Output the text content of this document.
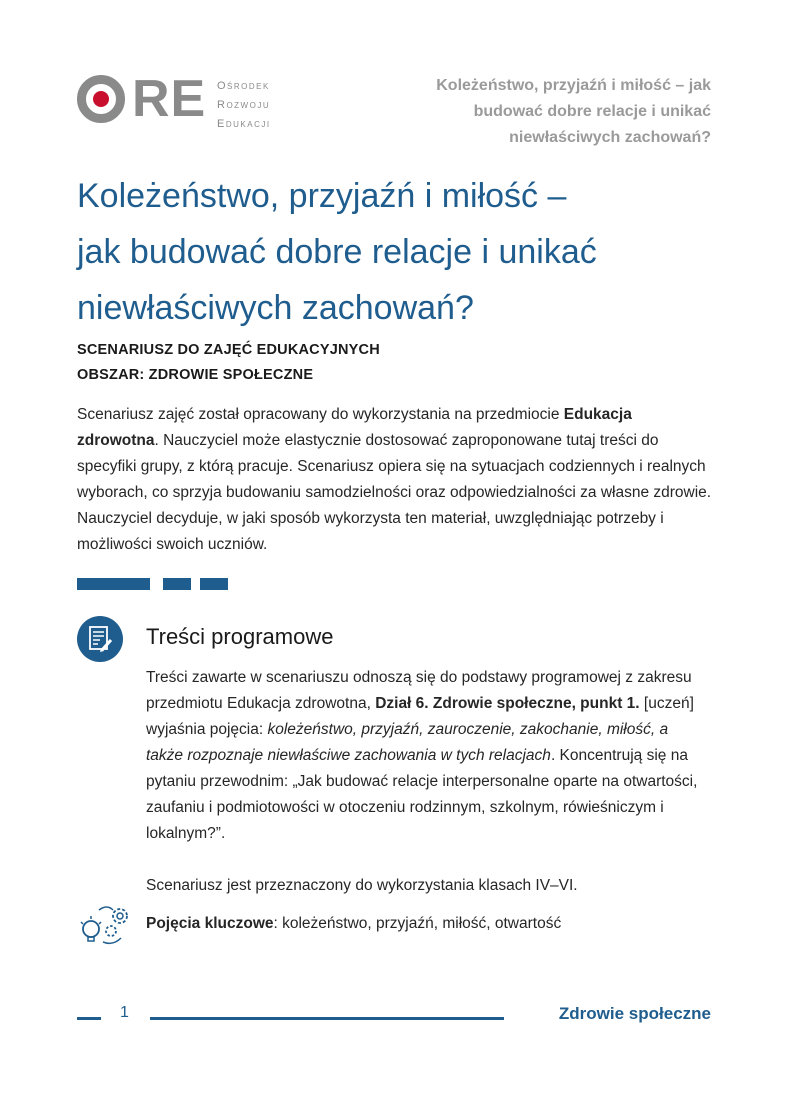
RE Ośrodek
Rozwoju
Edukacji
Koleżeństwo, przyjaźń i miłość – jak budować dobre relacje i unikać niewłaściwych zachowań?
Koleżeństwo, przyjaźń i miłość –
jak budować dobre relacje i unikać
niewłaściwych zachowań?
SCENARIUSZ DO ZAJĘĆ EDUKACYJNYCH
OBSZAR: ZDROWIE SPOŁECZNE
Scenariusz zajęć został opracowany do wykorzystania na przedmiocie Edukacja zdrowotna. Nauczyciel może elastycznie dostosować zaproponowane tutaj treści do specyfiki grupy, z którą pracuje. Scenariusz opiera się na sytuacjach codziennych i realnych wyborach, co sprzyja budowaniu samodzielności oraz odpowiedzialności za własne zdrowie. Nauczyciel decyduje, w jaki sposób wykorzysta ten materiał, uwzględniając potrzeby i możliwości swoich uczniów.
Treści programowe

Treści zawarte w scenariuszu odnoszą się do podstawy programowej z zakresu przedmiotu Edukacja zdrowotna, Dział 6. Zdrowie społeczne, punkt 1. [uczeń] wyjaśnia pojęcia: koleżeństwo, przyjaźń, zauroczenie, zakochanie, miłość, a także rozpoznaje niewłaściwe zachowania w tych relacjach. Koncentrują się na pytaniu przewodnim: „Jak budować relacje interpersonalne oparte na otwartości, zaufaniu i podmiotowości w otoczeniu rodzinnym, szkolnym, rówieśniczym i lokalnym?”.

Scenariusz jest przeznaczony do wykorzystania klasach IV–VI.

Pojęcia kluczowe: koleżeństwo, przyjaźń, miłość, otwartość
1	Zdrowie społeczne
